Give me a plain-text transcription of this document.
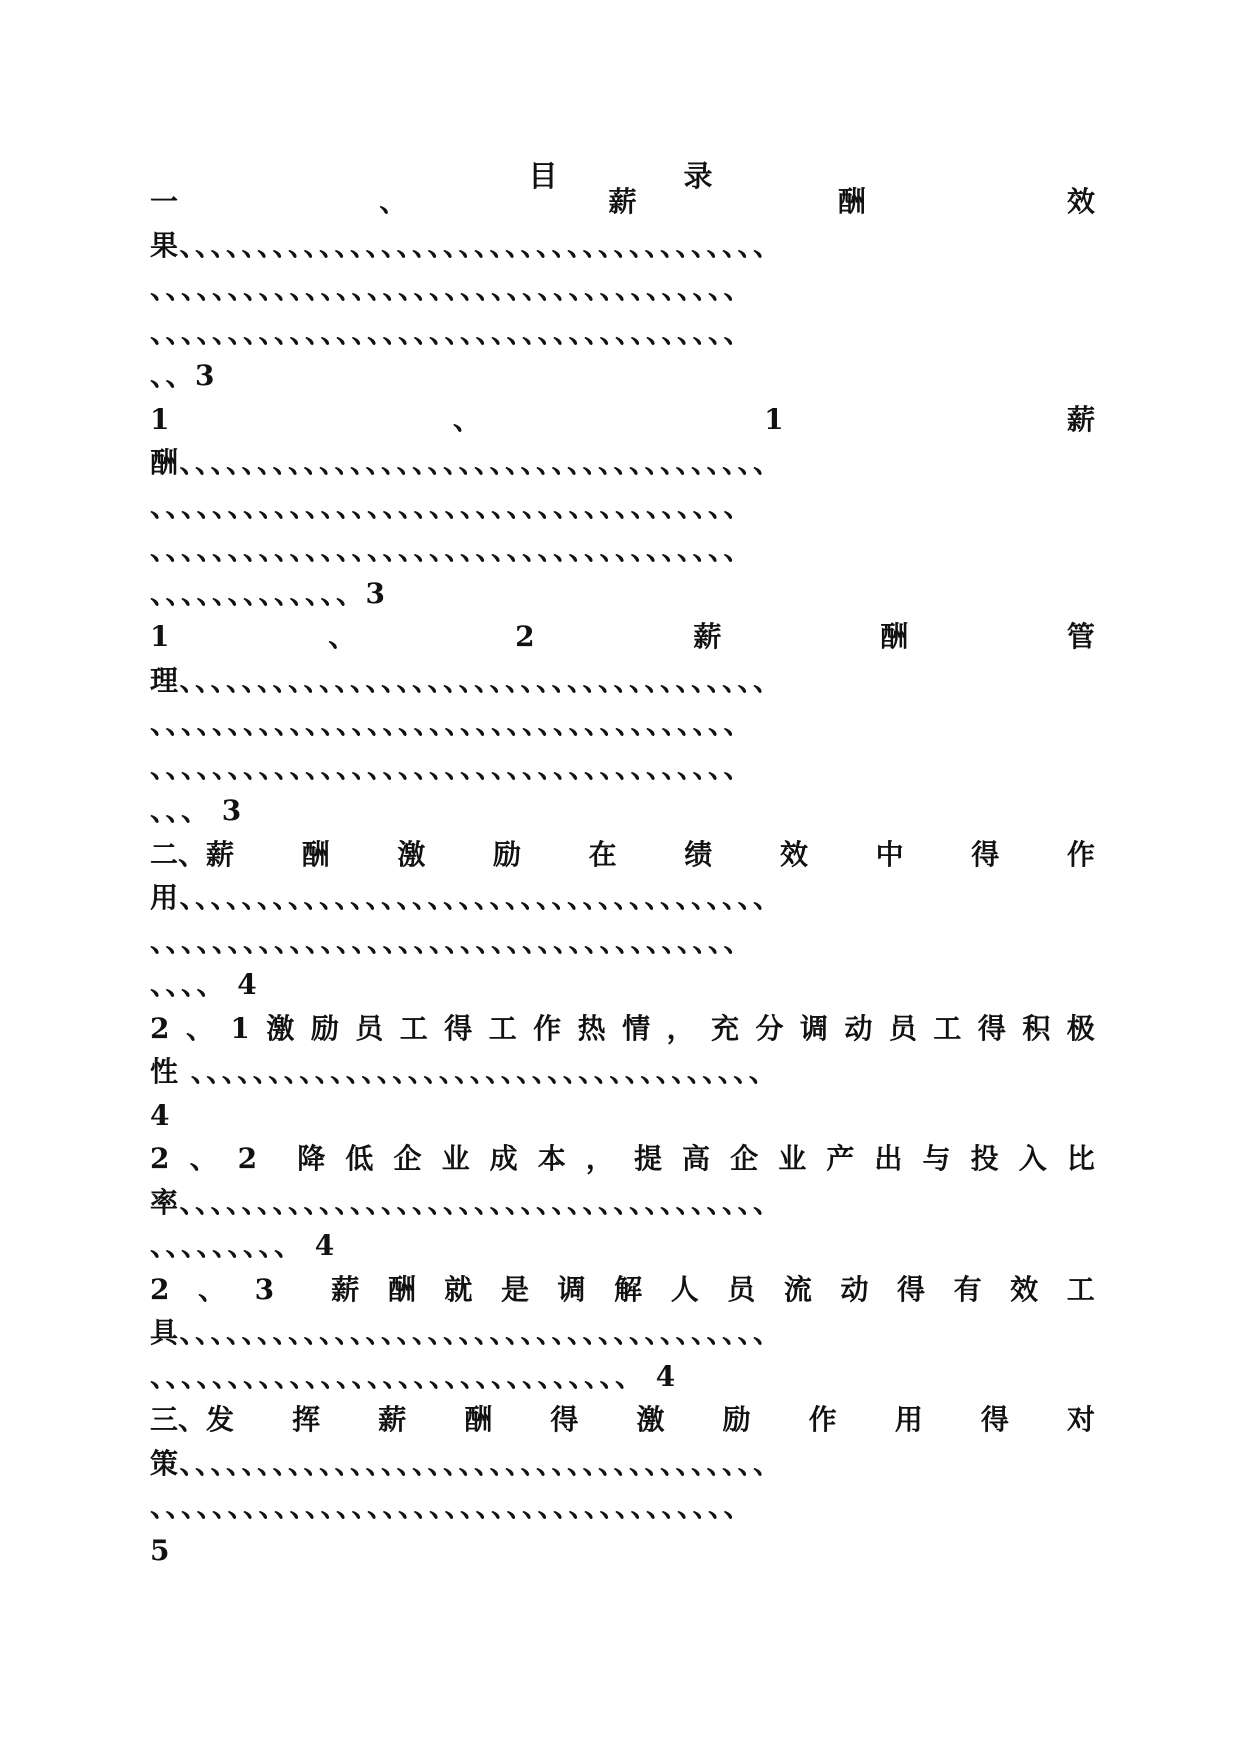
目 录
一	、	薪	酬	效
果、、、、、、、、、、、、、、、、、、、、、、、、、、、、、、、、、、、、、、
、、、、、、、、、、、、、、、、、、、、、、、、、、、、、、、、、、、、、、
、、、、、、、、、、、、、、、、、、、、、、、、、、、、、、、、、、、、、、
、、3
1	、	1	薪
酬、、、、、、、、、、、、、、、、、、、、、、、、、、、、、、、、、、、、、、
、、、、、、、、、、、、、、、、、、、、、、、、、、、、、、、、、、、、、、
、、、、、、、、、、、、、、、、、、、、、、、、、、、、、、、、、、、、、、
、、、、、、、、、、、、、3
1	、	2	薪	酬	管
理、、、、、、、、、、、、、、、、、、、、、、、、、、、、、、、、、、、、、、
、、、、、、、、、、、、、、、、、、、、、、、、、、、、、、、、、、、、、、
、、、、、、、、、、、、、、、、、、、、、、、、、、、、、、、、、、、、、、
、、、 3
二、薪 酬 激 励 在 绩 效 中 得 作
用、、、、、、、、、、、、、、、、、、、、、、、、、、、、、、、、、、、、、、
、、、、、、、、、、、、、、、、、、、、、、、、、、、、、、、、、、、、、、
、、、、 4
2 、 1 激 励 员 工 得 工 作 热 情 ， 充 分 调 动 员 工 得 积 极
性 、、、、、、、、、、、、、、、、、、、、、、、、、、、、、、、、、、、、、
4
2 、 2 降 低 企 业 成 本 ， 提 高 企 业 产 出 与 投 入 比
率、、、、、、、、、、、、、、、、、、、、、、、、、、、、、、、、、、、、、、
、、、、、、、、、 4
2 、 3 薪 酬 就 是 调 解 人 员 流 动 得 有 效 工
具、、、、、、、、、、、、、、、、、、、、、、、、、、、、、、、、、、、、、、
、、、、、、、、、、、、、、、、、、、、、、、、、、、、、、、 4
三、发 挥 薪 酬 得 激 励 作 用 得 对
策、、、、、、、、、、、、、、、、、、、、、、、、、、、、、、、、、、、、、、
、、、、、、、、、、、、、、、、、、、、、、、、、、、、、、、、、、、、、、
5
